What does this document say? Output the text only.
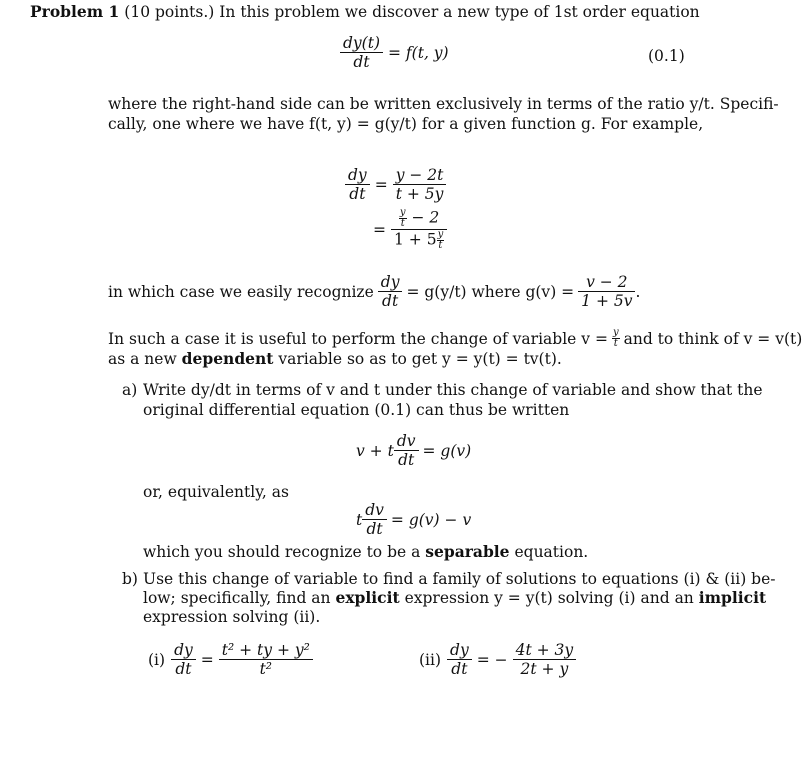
Problem 1 (10 points.) In this problem we discover a new type of 1st order equation
$\frac{dy(t)}{dt} = f(t$, y)	(0.1)
where the right-hand side can be written exclusively in terms of the ratio y/t. Specifi-
cally, one where we have f(t, y) = g(y/t) for a given function g. For example,
$\frac{dy}{dt} = \frac{y - 2t}{t + 5y}$
= $\frac{\frac{y}{t} - 2}{1 + 5 \frac{y}{t}}$
in which case we easily recognize $\frac{dy}{dt} = g(y/t)$ where $g(v) = \frac{v - 2}{1 + 5v}$ .
In such a case it is useful to perform the change of variable $v = \frac{y}{t}$ and to think of v = v(t)
as a new dependent variable so as to get y = y(t) = tv(t).
a) Write dy/dt in terms of v and t under this change of variable and show that the
original differential equation (0.1) can thus be written
v + t $\frac{dv}{dt} = g(v)$
or, equivalently, as
t $\frac{dv}{dt} = g(v) - v$
which you should recognize to be a separable equation.
b) Use this change of variable to find a family of solutions to equations (i) & (ii) be-
low; specifically, find an explicit expression y = y(t) solving (i) and an implicit
expression solving (ii).
$(i) \frac{dy}{dt} = \frac{\text{t² + ty + y²}}{\text{t²}}$	$(ii) \frac{dy}{dt}$ = − $\frac{4t + 3y}{2t + y}$
